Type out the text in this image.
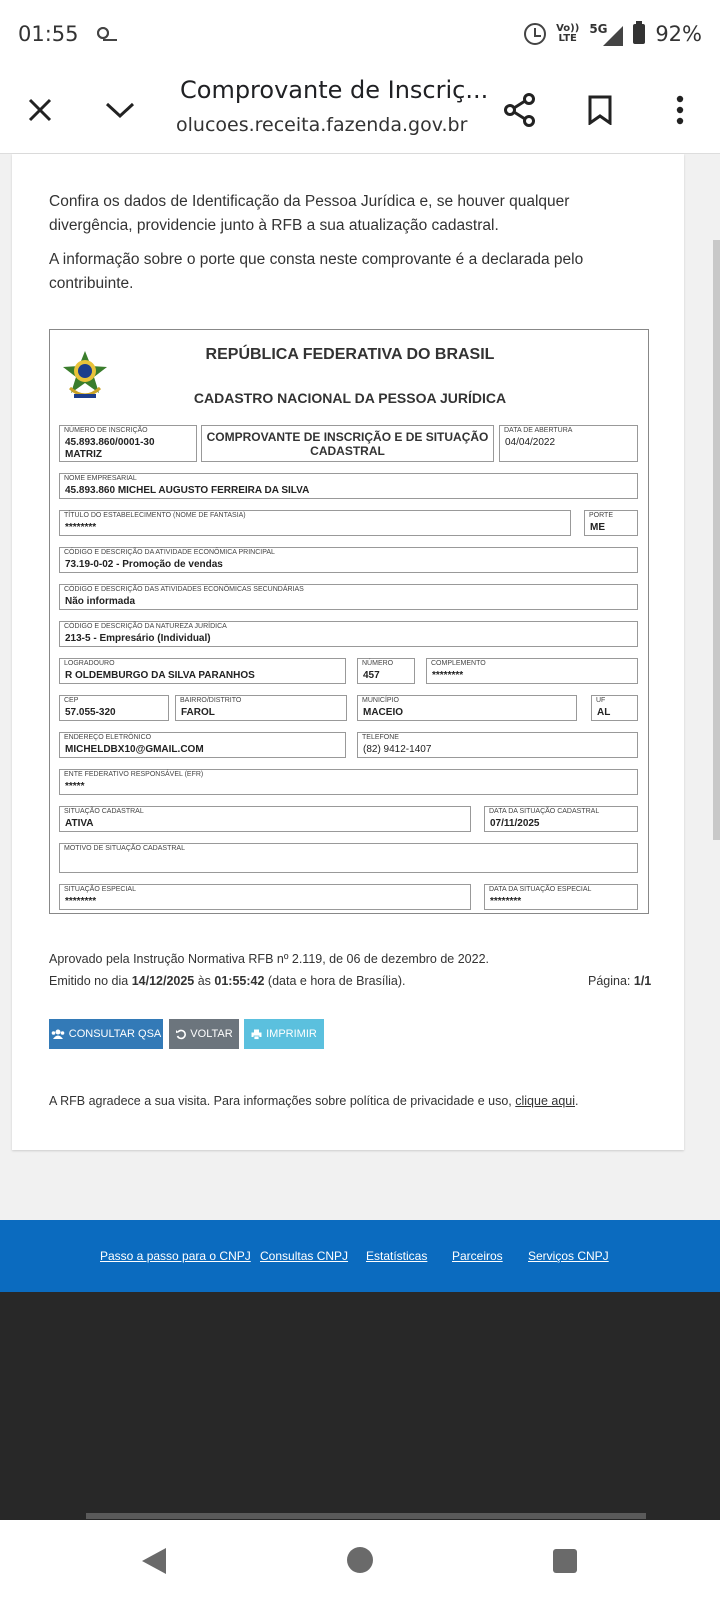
01:55	Vo))
LTE
5G 92%
Comprovante de Inscriç...
olucoes.receita.fazenda.gov.br
Confira os dados de Identificação da Pessoa Jurídica e, se houver qualquer divergência, providencie junto à RFB a sua atualização cadastral.
A informação sobre o porte que consta neste comprovante é a declarada pelo contribuinte.
REPÚBLICA FEDERATIVA DO BRASIL
CADASTRO NACIONAL DA PESSOA JURÍDICA
NÚMERO DE INSCRIÇÃO
45.893.860/0001-30
MATRIZ
COMPROVANTE DE INSCRIÇÃO E DE SITUAÇÃO CADASTRAL
DATA DE ABERTURA
04/04/2022
NOME EMPRESARIAL
45.893.860 MICHEL AUGUSTO FERREIRA DA SILVA
TÍTULO DO ESTABELECIMENTO (NOME DE FANTASIA)
********
PORTE
ME
CÓDIGO E DESCRIÇÃO DA ATIVIDADE ECONÔMICA PRINCIPAL
73.19-0-02 - Promoção de vendas
CÓDIGO E DESCRIÇÃO DAS ATIVIDADES ECONÔMICAS SECUNDÁRIAS
Não informada
CÓDIGO E DESCRIÇÃO DA NATUREZA JURÍDICA
213-5 - Empresário (Individual)
LOGRADOURO
R OLDEMBURGO DA SILVA PARANHOS
NÚMERO
457
COMPLEMENTO
********
CEP
57.055-320
BAIRRO/DISTRITO
FAROL
MUNICÍPIO
MACEIO
UF
AL
ENDEREÇO ELETRÔNICO
MICHELDBX10@GMAIL.COM
TELEFONE
(82) 9412-1407
ENTE FEDERATIVO RESPONSÁVEL (EFR)
*****
SITUAÇÃO CADASTRAL
ATIVA
DATA DA SITUAÇÃO CADASTRAL
07/11/2025
MOTIVO DE SITUAÇÃO CADASTRAL
SITUAÇÃO ESPECIAL
********
DATA DA SITUAÇÃO ESPECIAL
********
Aprovado pela Instrução Normativa RFB nº 2.119, de 06 de dezembro de 2022.
Emitido no dia 14/12/2025 às 01:55:42 (data e hora de Brasília).	Página: 1/1
CONSULTAR QSA	VOLTAR	IMPRIMIR
A RFB agradece a sua visita. Para informações sobre política de privacidade e uso, clique aqui.
Passo a passo para o CNPJ Consultas CNPJ Estatísticas Parceiros Serviços CNPJ
